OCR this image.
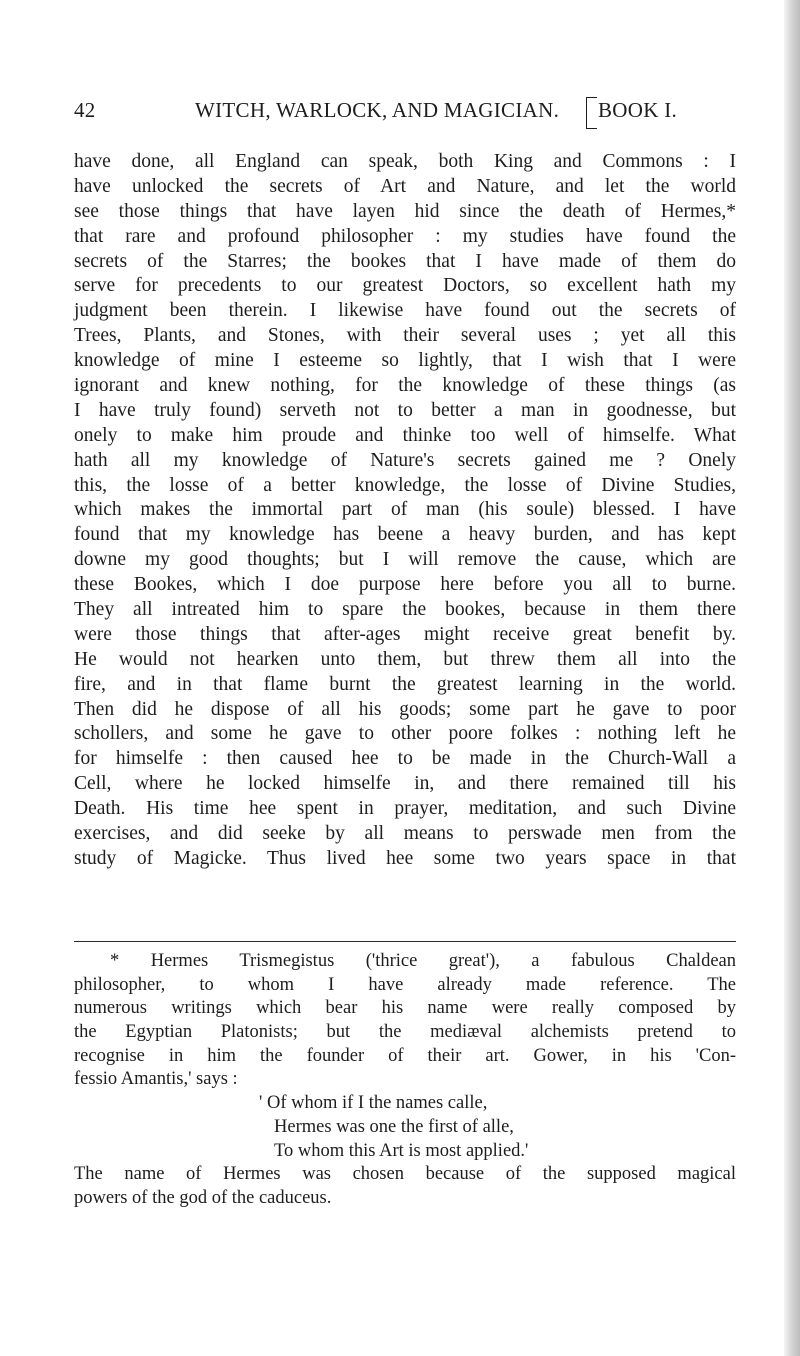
42	WITCH, WARLOCK, AND MAGICIAN. BOOK I.
have done, all England can speak, both King and Commons : I
have unlocked the secrets of Art and Nature, and let the world
see those things that have layen hid since the death of Hermes,*
that rare and profound philosopher : my studies have found the
secrets of the Starres; the bookes that I have made of them do
serve for precedents to our greatest Doctors, so excellent hath my
judgment been therein. I likewise have found out the secrets of
Trees, Plants, and Stones, with their several uses ; yet all this
knowledge of mine I esteeme so lightly, that I wish that I were
ignorant and knew nothing, for the knowledge of these things (as
I have truly found) serveth not to better a man in goodnesse, but
onely to make him proude and thinke too well of himselfe. What
hath all my knowledge of Nature's secrets gained me ? Onely
this, the losse of a better knowledge, the losse of Divine Studies,
which makes the immortal part of man (his soule) blessed. I have
found that my knowledge has beene a heavy burden, and has kept
downe my good thoughts; but I will remove the cause, which are
these Bookes, which I doe purpose here before you all to burne.
They all intreated him to spare the bookes, because in them there
were those things that after-ages might receive great benefit by.
He would not hearken unto them, but threw them all into the
fire, and in that flame burnt the greatest learning in the world.
Then did he dispose of all his goods; some part he gave to poor
schollers, and some he gave to other poore folkes : nothing left he
for himselfe : then caused hee to be made in the Church-Wall a
Cell, where he locked himselfe in, and there remained till his
Death. His time hee spent in prayer, meditation, and such Divine
exercises, and did seeke by all means to perswade men from the
study of Magicke. Thus lived hee some two years space in that
* Hermes Trismegistus ('thrice great'), a fabulous Chaldean
philosopher, to whom I have already made reference. The
numerous writings which bear his name were really composed by
the Egyptian Platonists; but the mediæval alchemists pretend to
recognise in him the founder of their art. Gower, in his 'Con-
fessio Amantis,' says :
' Of whom if I the names calle,
Hermes was one the first of alle,
To whom this Art is most applied.'
The name of Hermes was chosen because of the supposed magical
powers of the god of the caduceus.
